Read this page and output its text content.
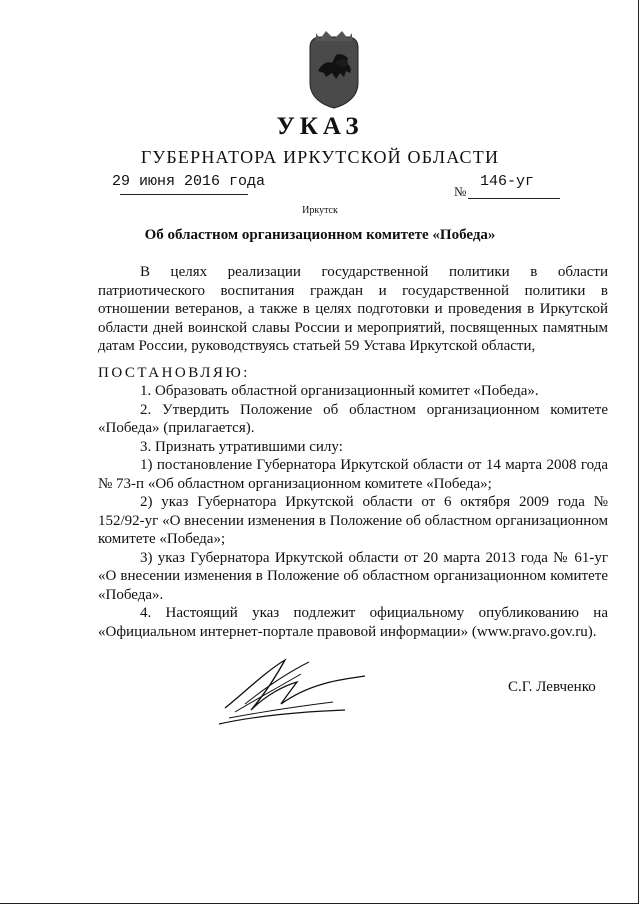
УКАЗ
ГУБЕРНАТОРА ИРКУТСКОЙ ОБЛАСТИ
29 июня 2016 года
№
146-уг
Иркутск
Об областном организационном комитете «Победа»

В целях реализации государственной политики в области патриотического воспитания граждан и государственной политики в отношении ветеранов, а также в целях подготовки и проведения в Иркутской области дней воинской славы России и мероприятий, посвященных памятным датам России, руководствуясь статьей 59 Устава Иркутской области,

ПОСТАНОВЛЯЮ:

1. Образовать областной организационный комитет «Победа».

2. Утвердить Положение об областном организационном комитете «Победа» (прилагается).

3. Признать утратившими силу:

1) постановление Губернатора Иркутской области от 14 марта 2008 года № 73-п «Об областном организационном комитете «Победа»;

2) указ Губернатора Иркутской области от 6 октября 2009 года № 152/92-уг «О внесении изменения в Положение об областном организационном комитете «Победа»;

3) указ Губернатора Иркутской области от 20 марта 2013 года № 61-уг «О внесении изменения в Положение об областном организационном комитете «Победа».

4. Настоящий указ подлежит официальному опубликованию на «Официальном интернет-портале правовой информации» (www.pravo.gov.ru).

С.Г. Левченко
